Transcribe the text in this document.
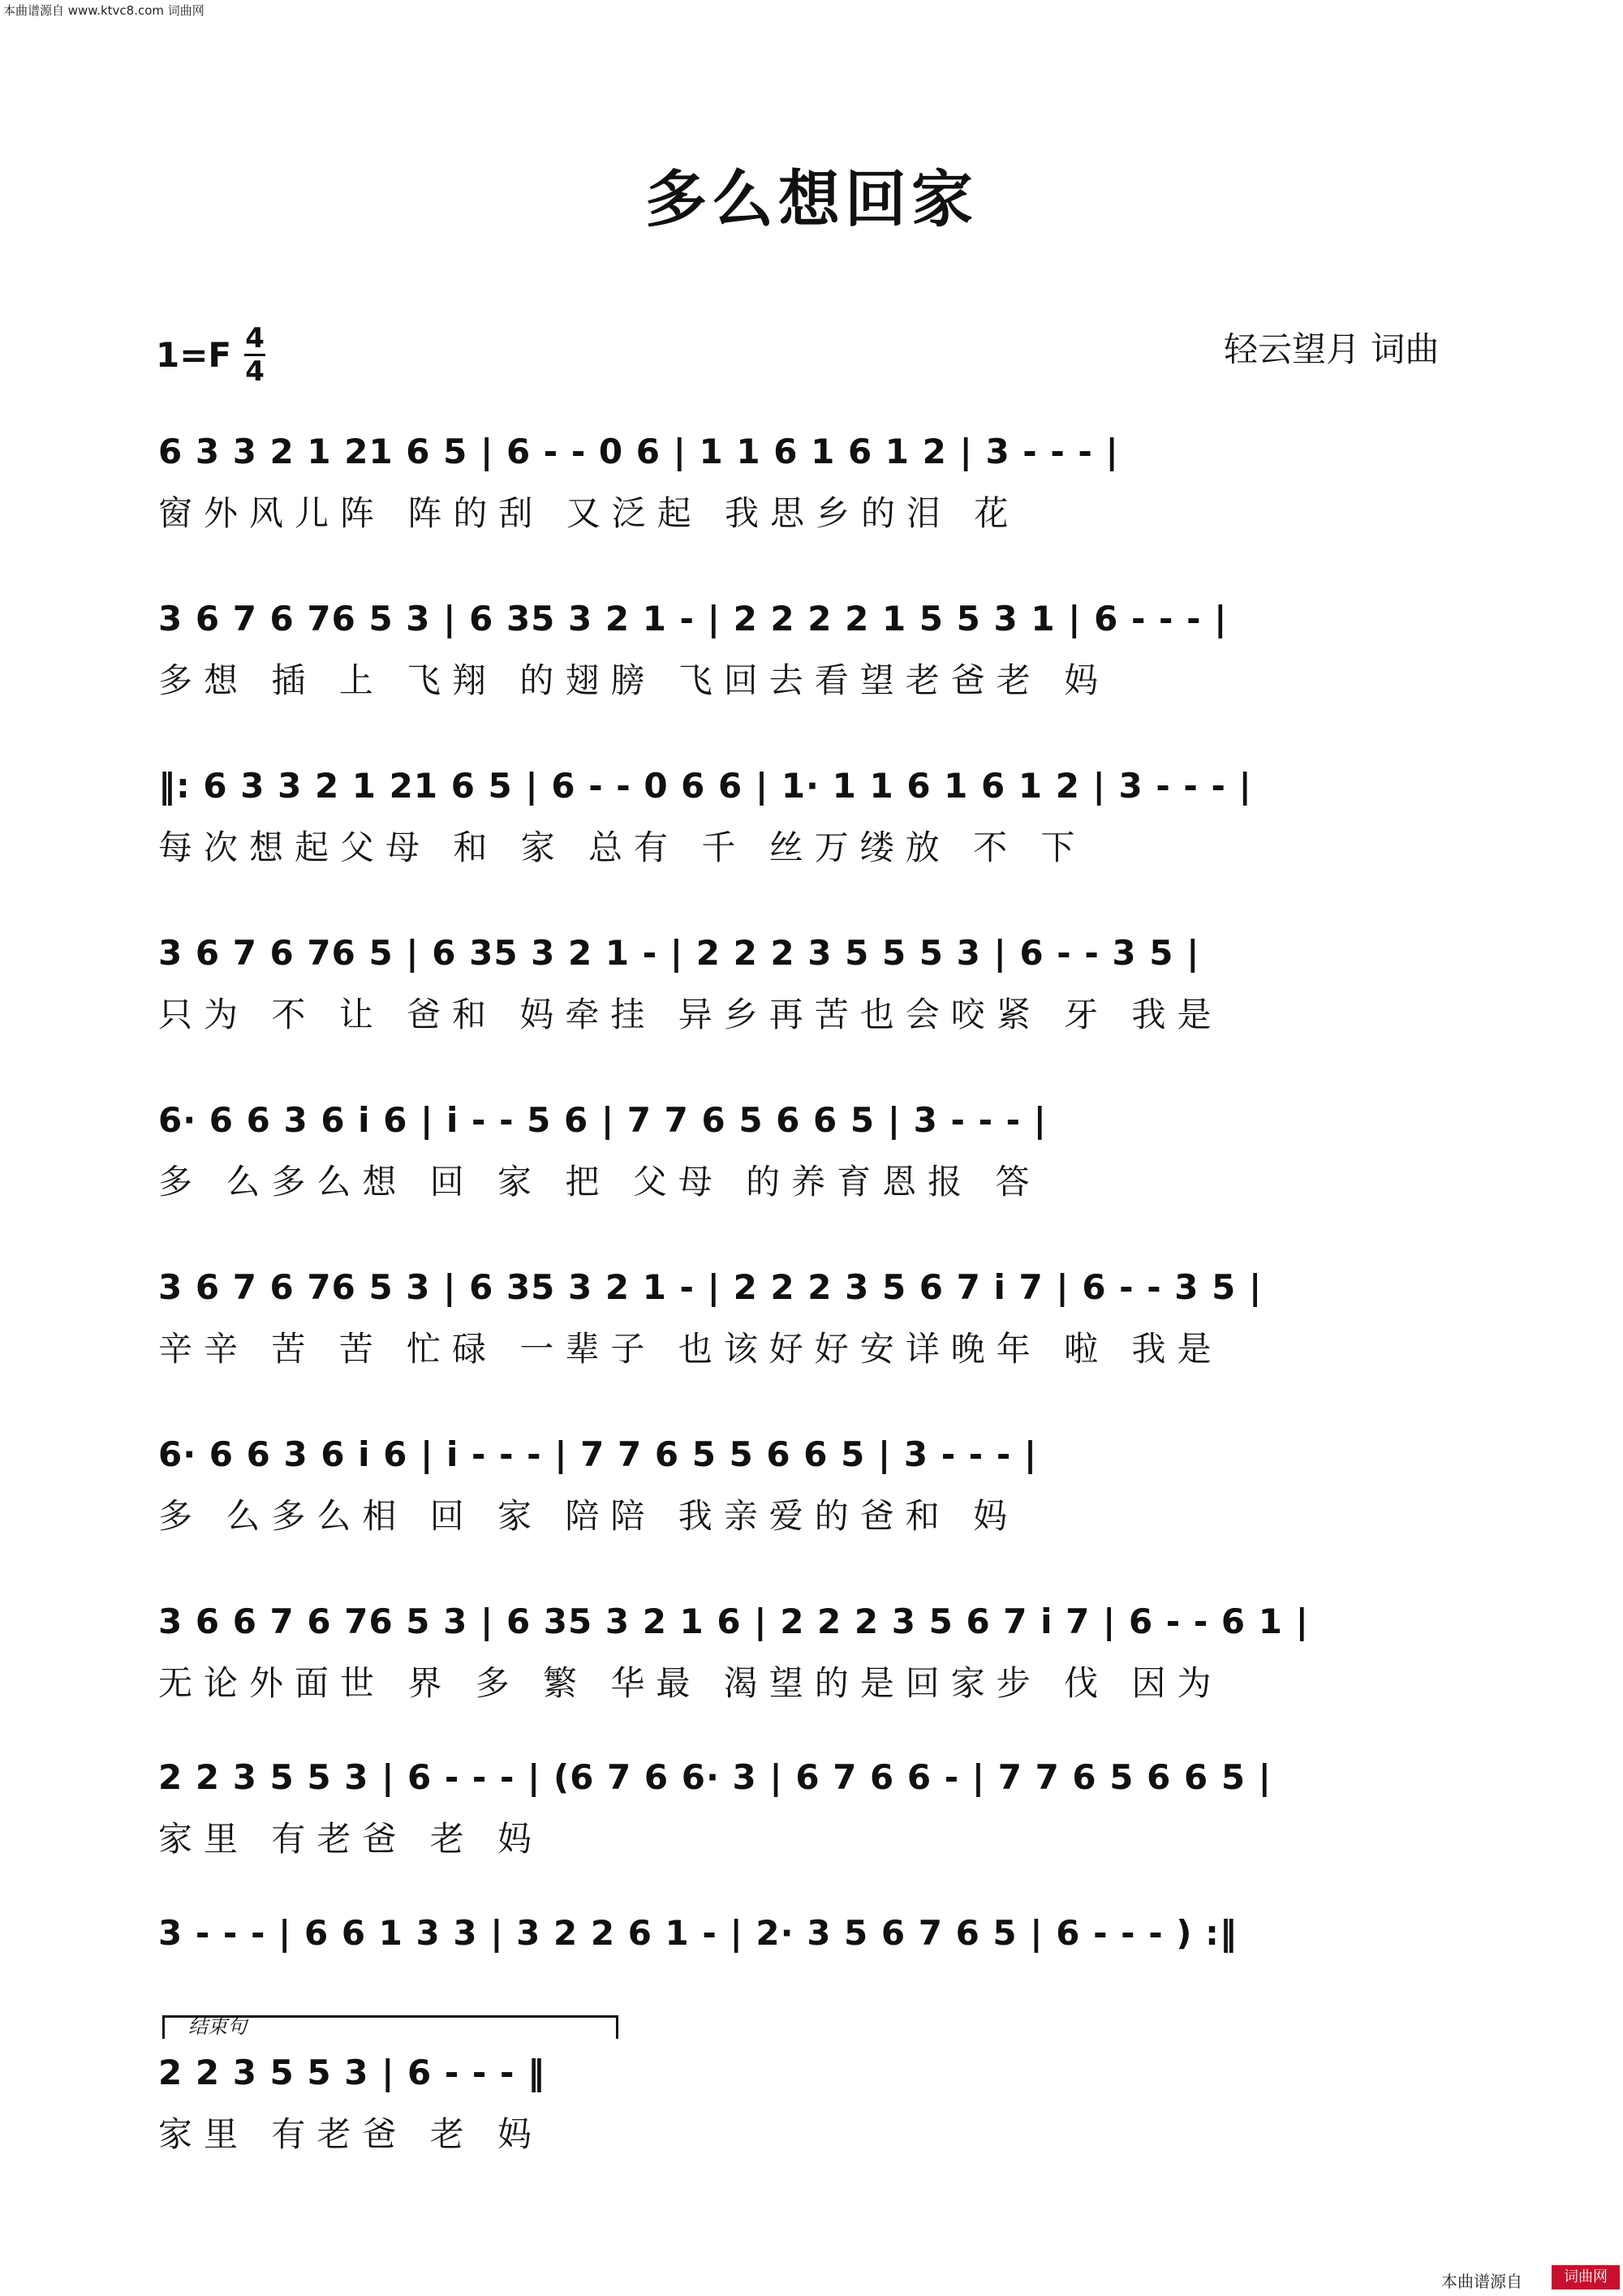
本曲谱源自 www.ktvc8.com 词曲网
多么想回家
1=F 4
4
轻云望月 词曲
6 3 3 2 1 21 6 5 | 6 - - 0 6 | 1 1 6 1 6 1 2 | 3 - - - |
窗外风儿阵 阵的刮 又泛起 我思乡的泪 花
3 6 7 6 76 5 3 | 6 35 3 2 1 - | 2 2 2 2 1 5 5 3 1 | 6 - - - |
多想 插 上 飞翔 的翅膀 飞回去看望老爸老 妈
‖: 6 3 3 2 1 21 6 5 | 6 - - 0 6 6 | 1· 1 1 6 1 6 1 2 | 3 - - - |
每次想起父母 和 家 总有 千 丝万缕放 不 下
3 6 7 6 76 5 | 6 35 3 2 1 - | 2 2 2 3 5 5 5 3 | 6 - - 3 5 |
只为 不 让 爸和 妈牵挂 异乡再苦也会咬紧 牙 我是
6· 6 6 3 6 i 6 | i - - 5 6 | 7 7 6 5 6 6 5 | 3 - - - |
多 么多么想 回 家 把 父母 的养育恩报 答
3 6 7 6 76 5 3 | 6 35 3 2 1 - | 2 2 2 3 5 6 7 i 7 | 6 - - 3 5 |
辛辛 苦 苦 忙碌 一辈子 也该好好安详晚年 啦 我是
6· 6 6 3 6 i 6 | i - - - | 7 7 6 5 5 6 6 5 | 3 - - - |
多 么多么相 回 家 陪陪 我亲爱的爸和 妈
3 6 6 7 6 76 5 3 | 6 35 3 2 1 6 | 2 2 2 3 5 6 7 i 7 | 6 - - 6 1 |
无论外面世 界 多 繁 华最 渴望的是回家步 伐 因为
2 2 3 5 5 3 | 6 - - - | (6 7 6 6· 3 | 6 7 6 6 - | 7 7 6 5 6 6 5 |
家里 有老爸 老 妈
3 - - - | 6 6 1 3 3 | 3 2 2 6 1 - | 2· 3 5 6 7 6 5 | 6 - - - ) :‖
结束句
2 2 3 5 5 3 | 6 - - - ‖
家里 有老爸 老 妈
本曲谱源自	词曲网
